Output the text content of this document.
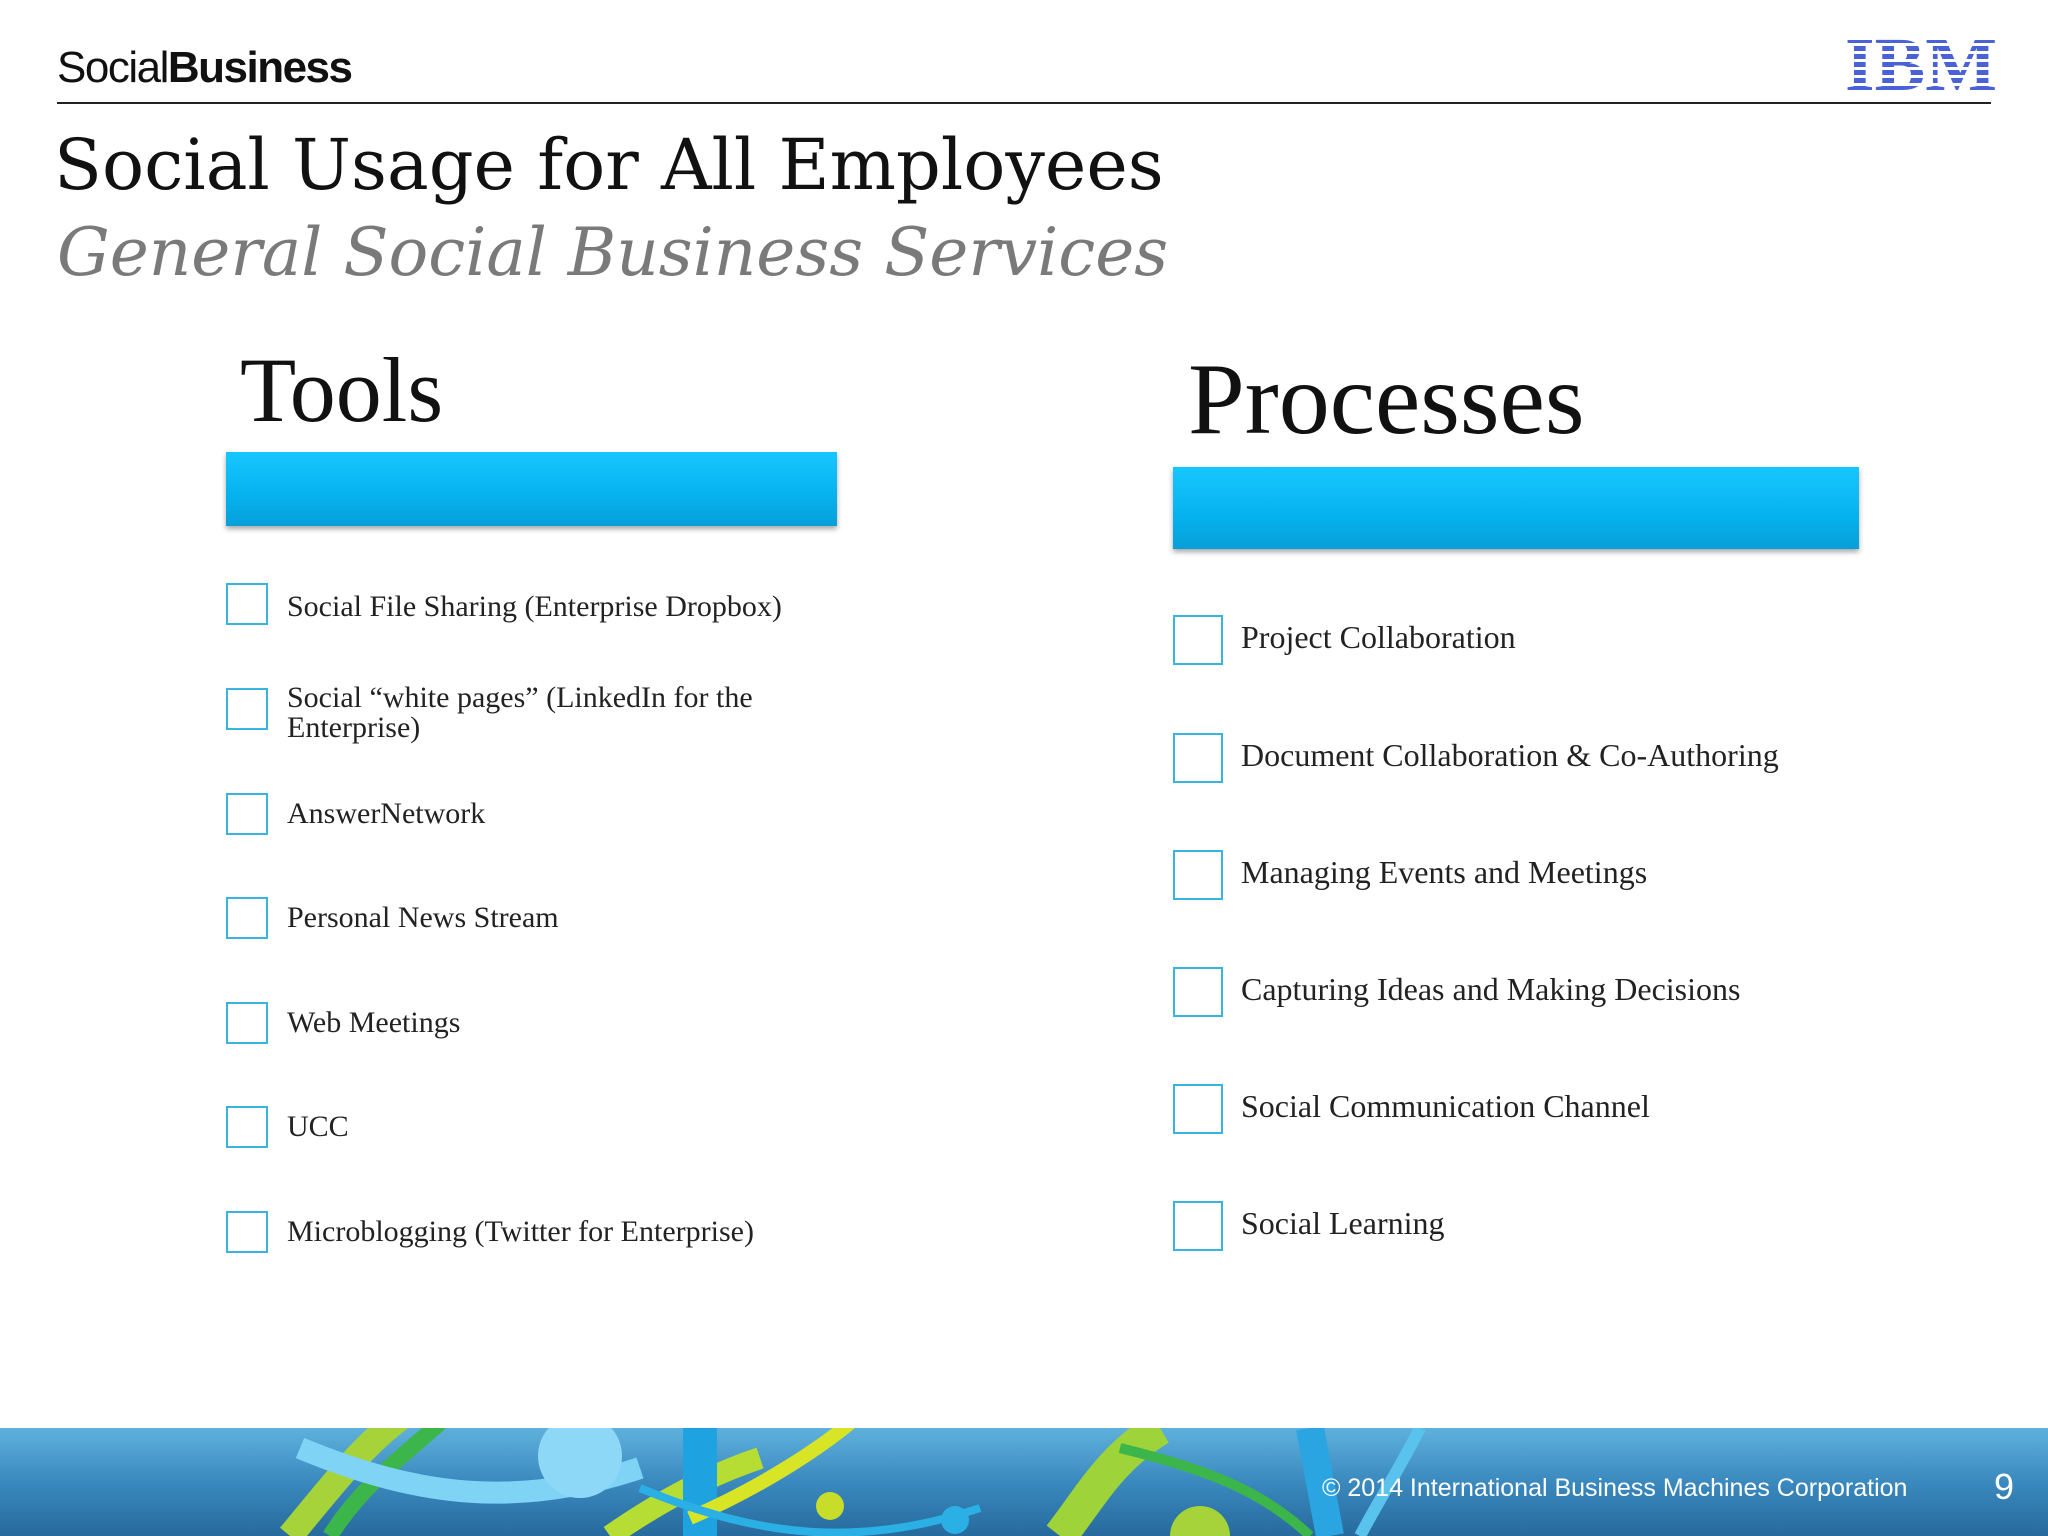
SocialBusiness	IBM
Social Usage for All Employees
General Social Business Services
Tools
Social File Sharing (Enterprise Dropbox)
Social “white pages” (LinkedIn for the
Enterprise)
AnswerNetwork
Personal News Stream
Web Meetings
UCC
Microblogging (Twitter for Enterprise)
Processes
Project Collaboration
Document Collaboration & Co-Authoring
Managing Events and Meetings
Capturing Ideas and Making Decisions
Social Communication Channel
Social Learning
© 2014 International Business Machines Corporation 9
